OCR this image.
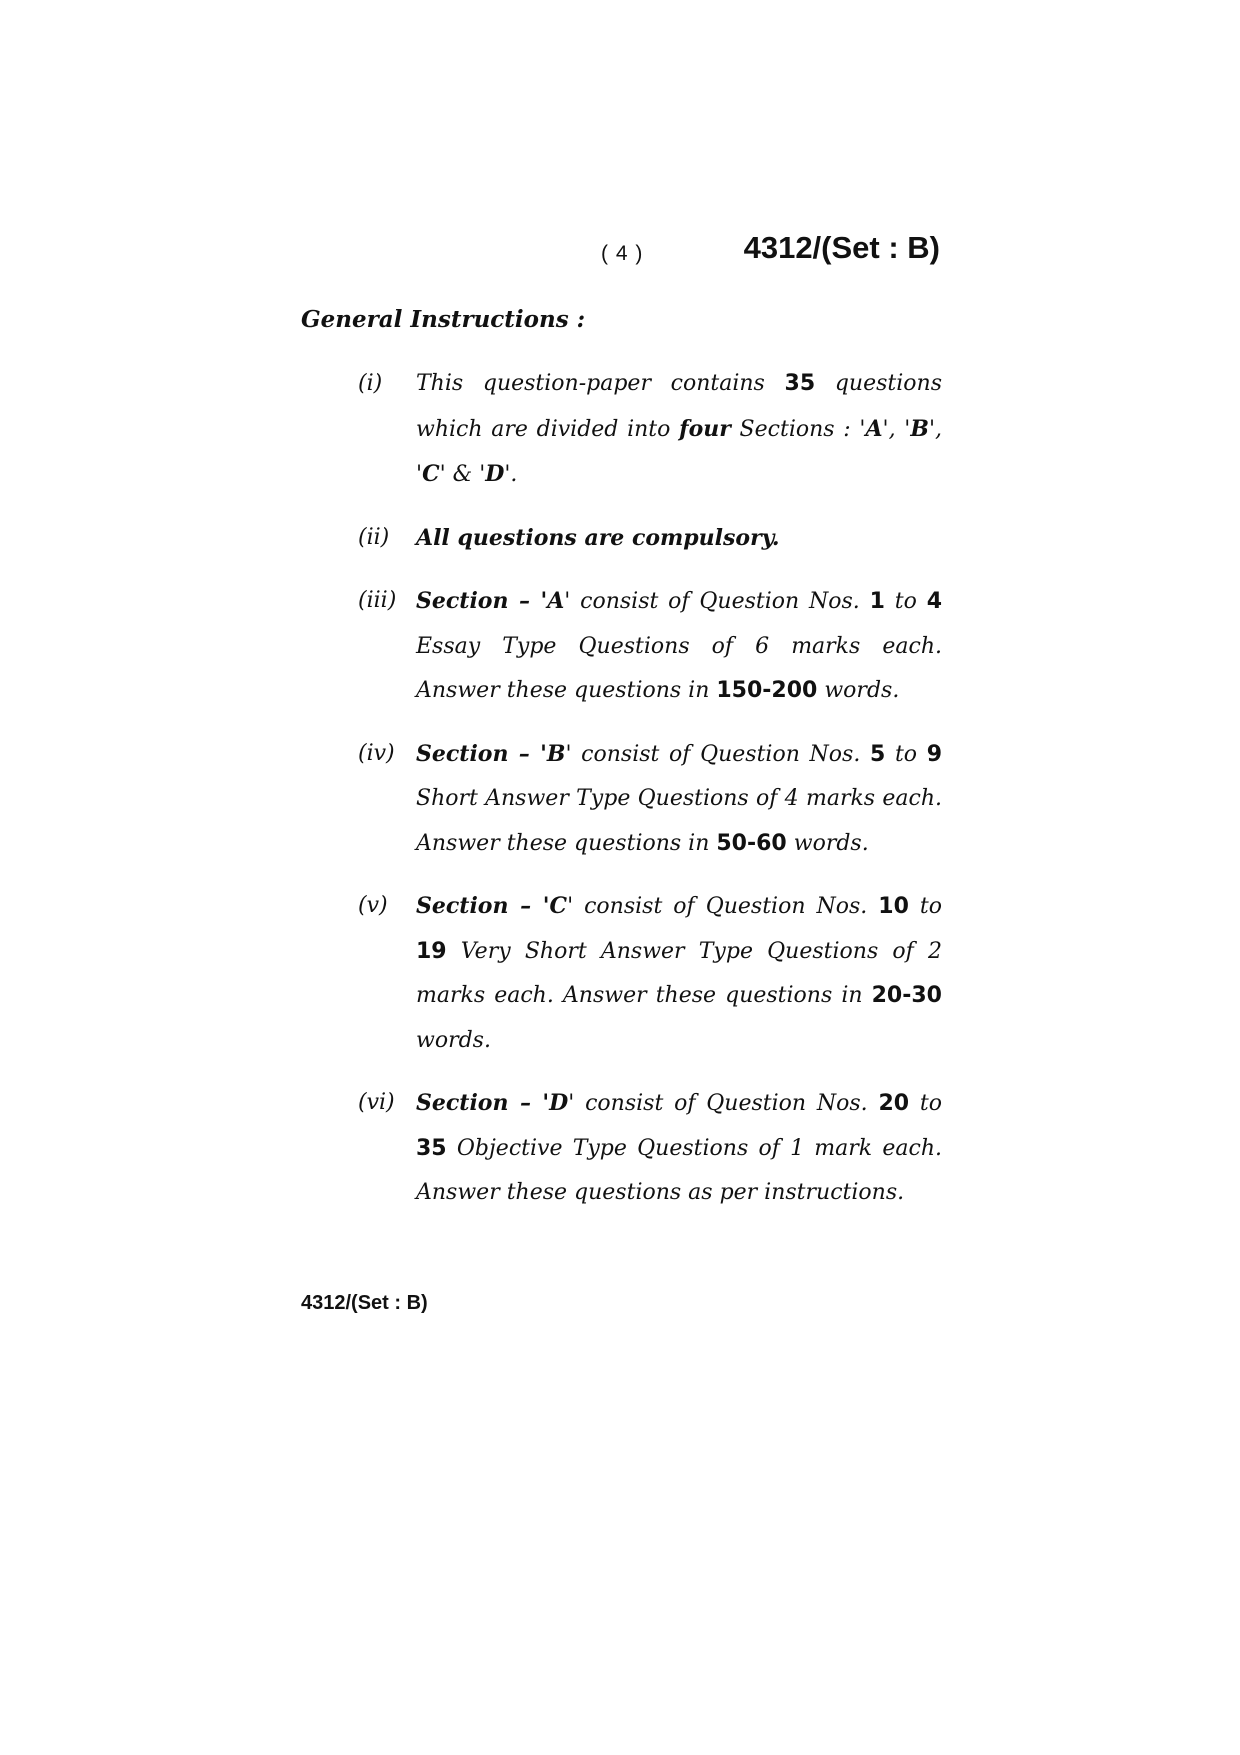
( 4 )	4312/(Set : B)
General Instructions :
(i)	This question-paper contains 35 questions which are divided into four Sections : 'A', 'B', 'C' & 'D'.
(ii)	All questions are compulsory.
(iii) Section – 'A' consist of Question Nos. 1 to 4 Essay Type Questions of 6 marks each. Answer these questions in 150-200 words.
(iv) Section – 'B' consist of Question Nos. 5 to 9 Short Answer Type Questions of 4 marks each. Answer these questions in 50-60 words.
(v)	Section – 'C' consist of Question Nos. 10 to 19 Very Short Answer Type Questions of 2 marks each. Answer these questions in 20-30 words.
(vi) Section – 'D' consist of Question Nos. 20 to 35 Objective Type Questions of 1 mark each. Answer these questions as per instructions.
4312/(Set : B)
